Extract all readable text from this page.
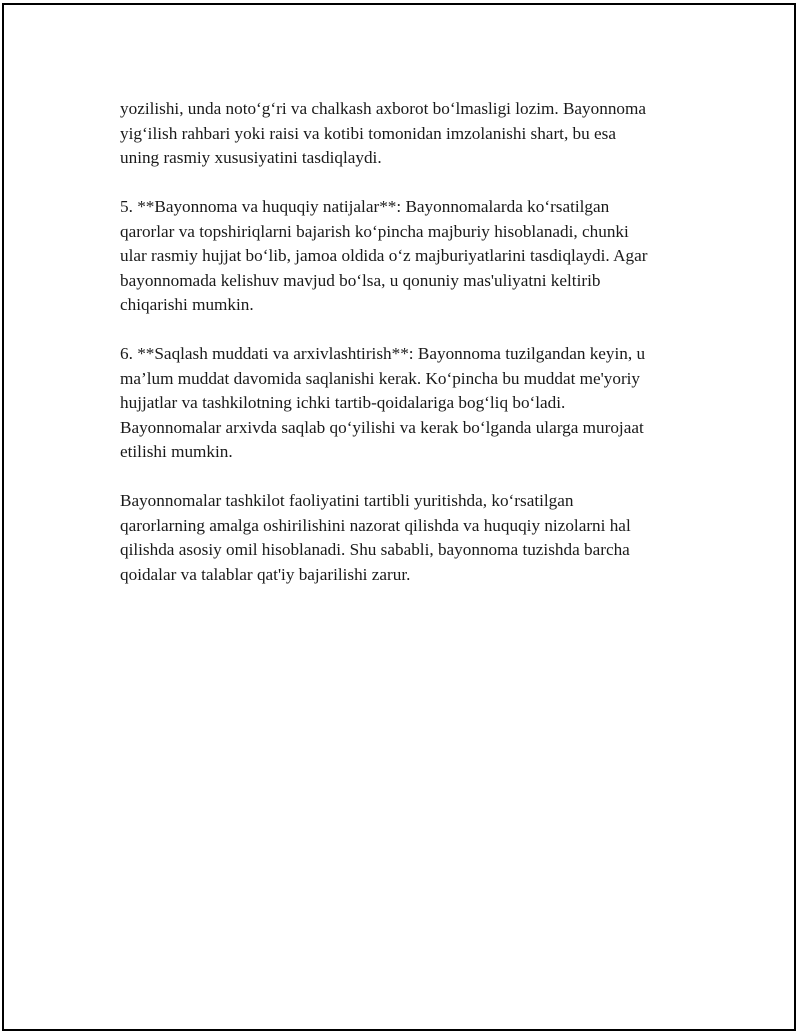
yozilishi, unda noto‘g‘ri va chalkash axborot bo‘lmasligi lozim. Bayonnoma
yig‘ilish rahbari yoki raisi va kotibi tomonidan imzolanishi shart, bu esa
uning rasmiy xususiyatini tasdiqlaydi.

5. **Bayonnoma va huquqiy natijalar**: Bayonnomalarda ko‘rsatilgan
qarorlar va topshiriqlarni bajarish ko‘pincha majburiy hisoblanadi, chunki
ular rasmiy hujjat bo‘lib, jamoa oldida o‘z majburiyatlarini tasdiqlaydi. Agar
bayonnomada kelishuv mavjud bo‘lsa, u qonuniy mas'uliyatni keltirib
chiqarishi mumkin.

6. **Saqlash muddati va arxivlashtirish**: Bayonnoma tuzilgandan keyin, u
ma’lum muddat davomida saqlanishi kerak. Ko‘pincha bu muddat me'yoriy
hujjatlar va tashkilotning ichki tartib-qoidalariga bog‘liq bo‘ladi.
Bayonnomalar arxivda saqlab qo‘yilishi va kerak bo‘lganda ularga murojaat
etilishi mumkin.

Bayonnomalar tashkilot faoliyatini tartibli yuritishda, ko‘rsatilgan
qarorlarning amalga oshirilishini nazorat qilishda va huquqiy nizolarni hal
qilishda asosiy omil hisoblanadi. Shu sababli, bayonnoma tuzishda barcha
qoidalar va talablar qat'iy bajarilishi zarur.
